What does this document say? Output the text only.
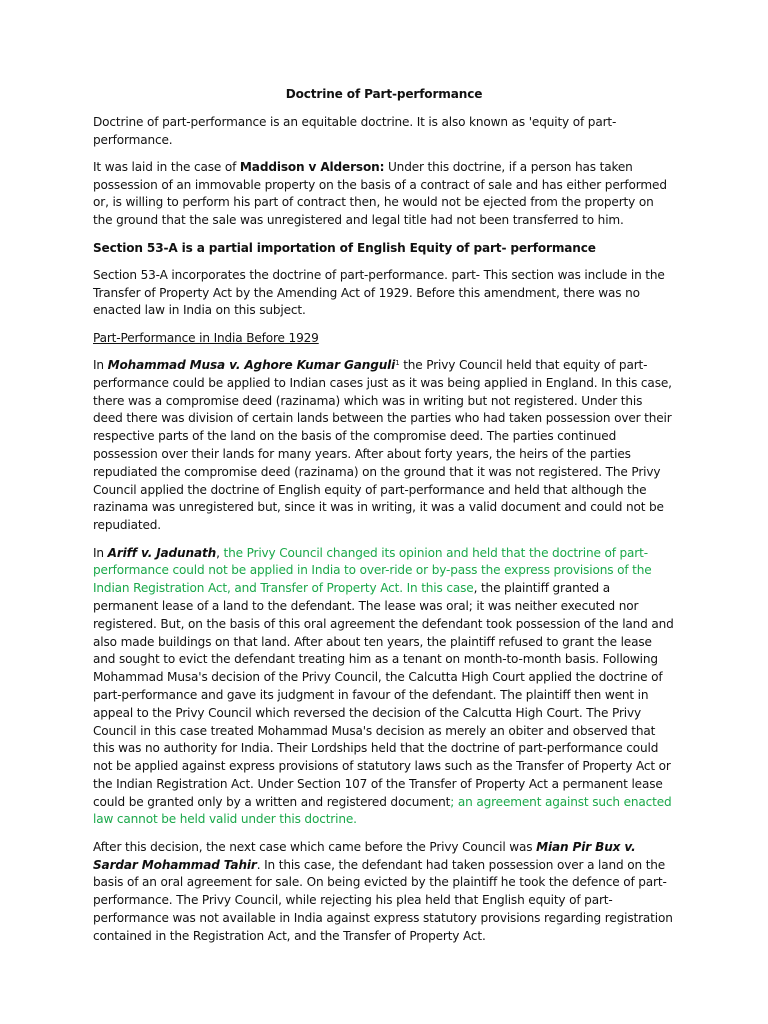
Doctrine of Part-performance

Doctrine of part-performance is an equitable doctrine. It is also known as 'equity of part-performance.

It was laid in the case of Maddison v Alderson: Under this doctrine, if a person has taken possession of an immovable property on the basis of a contract of sale and has either performed or, is willing to perform his part of contract then, he would not be ejected from the property on the ground that the sale was unregistered and legal title had not been transferred to him.

Section 53-A is a partial importation of English Equity of part- performance

Section 53-A incorporates the doctrine of part-performance. part- This section was include in the Transfer of Property Act by the Amending Act of 1929. Before this amendment, there was no enacted law in India on this subject.

Part-Performance in India Before 1929

In Mohammad Musa v. Aghore Kumar Ganguli$^1$ the Privy Council held that equity of part-performance could be applied to Indian cases just as it was being applied in England. In this case, there was a compromise deed (razinama) which was in writing but not registered. Under this deed there was division of certain lands between the parties who had taken possession over their respective parts of the land on the basis of the compromise deed. The parties continued possession over their lands for many years. After about forty years, the heirs of the parties repudiated the compromise deed (razinama) on the ground that it was not registered. The Privy Council applied the doctrine of English equity of part-performance and held that although the razinama was unregistered but, since it was in writing, it was a valid document and could not be repudiated.

In Ariff v. Jadunath, the Privy Council changed its opinion and held that the doctrine of part-performance could not be applied in India to over-ride or by-pass the express provisions of the Indian Registration Act, and Transfer of Property Act. In this case, the plaintiff granted a permanent lease of a land to the defendant. The lease was oral; it was neither executed nor registered. But, on the basis of this oral agreement the defendant took possession of the land and also made buildings on that land. After about ten years, the plaintiff refused to grant the lease and sought to evict the defendant treating him as a tenant on month-to-month basis. Following Mohammad Musa's decision of the Privy Council, the Calcutta High Court applied the doctrine of part-performance and gave its judgment in favour of the defendant. The plaintiff then went in appeal to the Privy Council which reversed the decision of the Calcutta High Court. The Privy Council in this case treated Mohammad Musa's decision as merely an obiter and observed that this was no authority for India. Their Lordships held that the doctrine of part-performance could not be applied against express provisions of statutory laws such as the Transfer of Property Act or the Indian Registration Act. Under Section 107 of the Transfer of Property Act a permanent lease could be granted only by a written and registered document; an agreement against such enacted law cannot be held valid under this doctrine.

After this decision, the next case which came before the Privy Council was Mian Pir Bux v. Sardar Mohammad Tahir. In this case, the defendant had taken possession over a land on the basis of an oral agreement for sale. On being evicted by the plaintiff he took the defence of part-performance. The Privy Council, while rejecting his plea held that English equity of part-performance was not available in India against express statutory provisions regarding registration contained in the Registration Act, and the Transfer of Property Act.
